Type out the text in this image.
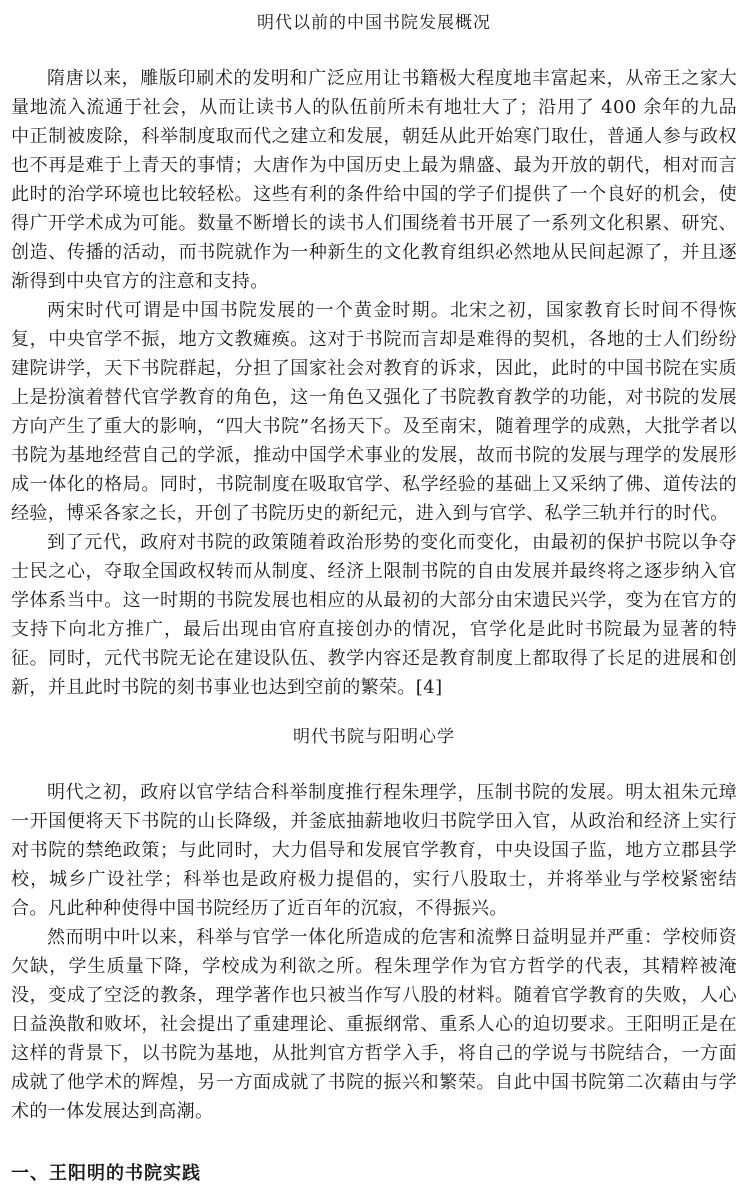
明代以前的中国书院发展概况

隋唐以来，雕版印刷术的发明和广泛应用让书籍极大程度地丰富起来，从帝王之家大量地流入流通于社会，从而让读书人的队伍前所未有地壮大了；沿用了 400 余年的九品中正制被废除，科举制度取而代之建立和发展，朝廷从此开始寒门取仕，普通人参与政权也不再是难于上青天的事情；大唐作为中国历史上最为鼎盛、最为开放的朝代，相对而言此时的治学环境也比较轻松。这些有利的条件给中国的学子们提供了一个良好的机会，使得广开学术成为可能。数量不断增长的读书人们围绕着书开展了一系列文化积累、研究、创造、传播的活动，而书院就作为一种新生的文化教育组织必然地从民间起源了，并且逐渐得到中央官方的注意和支持。

两宋时代可谓是中国书院发展的一个黄金时期。北宋之初，国家教育长时间不得恢复，中央官学不振，地方文教瘫痪。这对于书院而言却是难得的契机，各地的士人们纷纷建院讲学，天下书院群起，分担了国家社会对教育的诉求，因此，此时的中国书院在实质上是扮演着替代官学教育的角色，这一角色又强化了书院教育教学的功能，对书院的发展方向产生了重大的影响，“四大书院”名扬天下。及至南宋，随着理学的成熟，大批学者以书院为基地经营自己的学派，推动中国学术事业的发展，故而书院的发展与理学的发展形成一体化的格局。同时，书院制度在吸取官学、私学经验的基础上又采纳了佛、道传法的经验，博采各家之长，开创了书院历史的新纪元，进入到与官学、私学三轨并行的时代。

到了元代，政府对书院的政策随着政治形势的变化而变化，由最初的保护书院以争夺士民之心，夺取全国政权转而从制度、经济上限制书院的自由发展并最终将之逐步纳入官学体系当中。这一时期的书院发展也相应的从最初的大部分由宋遗民兴学，变为在官方的支持下向北方推广，最后出现由官府直接创办的情况，官学化是此时书院最为显著的特征。同时，元代书院无论在建设队伍、教学内容还是教育制度上都取得了长足的进展和创新，并且此时书院的刻书事业也达到空前的繁荣。[4]

明代书院与阳明心学

明代之初，政府以官学结合科举制度推行程朱理学，压制书院的发展。明太祖朱元璋一开国便将天下书院的山长降级，并釜底抽薪地收归书院学田入官，从政治和经济上实行对书院的禁绝政策；与此同时，大力倡导和发展官学教育，中央设国子监，地方立郡县学校，城乡广设社学；科举也是政府极力提倡的，实行八股取士，并将举业与学校紧密结合。凡此种种使得中国书院经历了近百年的沉寂，不得振兴。

然而明中叶以来，科举与官学一体化所造成的危害和流弊日益明显并严重：学校师资欠缺，学生质量下降，学校成为利欲之所。程朱理学作为官方哲学的代表，其精粹被淹没，变成了空泛的教条，理学著作也只被当作写八股的材料。随着官学教育的失败，人心日益涣散和败坏，社会提出了重建理论、重振纲常、重系人心的迫切要求。王阳明正是在这样的背景下，以书院为基地，从批判官方哲学入手，将自己的学说与书院结合，一方面成就了他学术的辉煌，另一方面成就了书院的振兴和繁荣。自此中国书院第二次藉由与学术的一体发展达到高潮。

一、王阳明的书院实践
